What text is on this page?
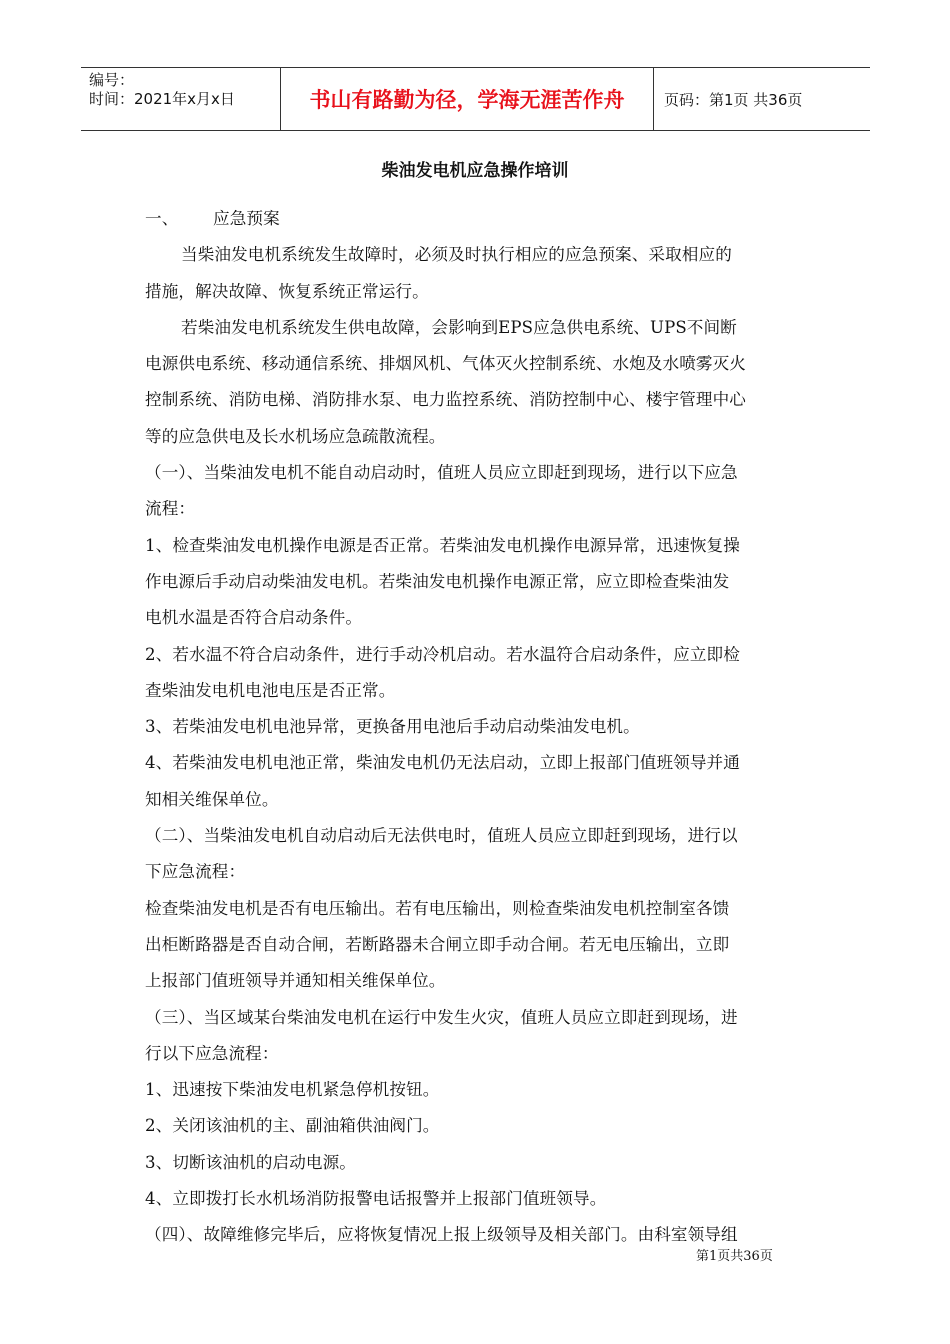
编号：
时间：2021年x月x日	书山有路勤为径，学海无涯苦作舟	页码：第1页 共36页
柴油发电机应急操作培训
一、	应急预案
当柴油发电机系统发生故障时，必须及时执行相应的应急预案、采取相应的
措施，解决故障、恢复系统正常运行。
若柴油发电机系统发生供电故障，会影响到EPS应急供电系统、UPS不间断
电源供电系统、移动通信系统、排烟风机、气体灭火控制系统、水炮及水喷雾灭火
控制系统、消防电梯、消防排水泵、电力监控系统、消防控制中心、楼宇管理中心
等的应急供电及长水机场应急疏散流程。
（一）、当柴油发电机不能自动启动时，值班人员应立即赶到现场，进行以下应急
流程：
1、检查柴油发电机操作电源是否正常。若柴油发电机操作电源异常，迅速恢复操
作电源后手动启动柴油发电机。若柴油发电机操作电源正常，应立即检查柴油发
电机水温是否符合启动条件。
2、若水温不符合启动条件，进行手动冷机启动。若水温符合启动条件，应立即检
查柴油发电机电池电压是否正常。
3、若柴油发电机电池异常，更换备用电池后手动启动柴油发电机。
4、若柴油发电机电池正常，柴油发电机仍无法启动，立即上报部门值班领导并通
知相关维保单位。
（二）、当柴油发电机自动启动后无法供电时，值班人员应立即赶到现场，进行以
下应急流程：
检查柴油发电机是否有电压输出。若有电压输出，则检查柴油发电机控制室各馈
出柜断路器是否自动合闸，若断路器未合闸立即手动合闸。若无电压输出，立即
上报部门值班领导并通知相关维保单位。
（三）、当区域某台柴油发电机在运行中发生火灾，值班人员应立即赶到现场，进
行以下应急流程：
1、迅速按下柴油发电机紧急停机按钮。
2、关闭该油机的主、副油箱供油阀门。
3、切断该油机的启动电源。
4、立即拨打长水机场消防报警电话报警并上报部门值班领导。
（四）、故障维修完毕后，应将恢复情况上报上级领导及相关部门。由科室领导组
第1页共36页
